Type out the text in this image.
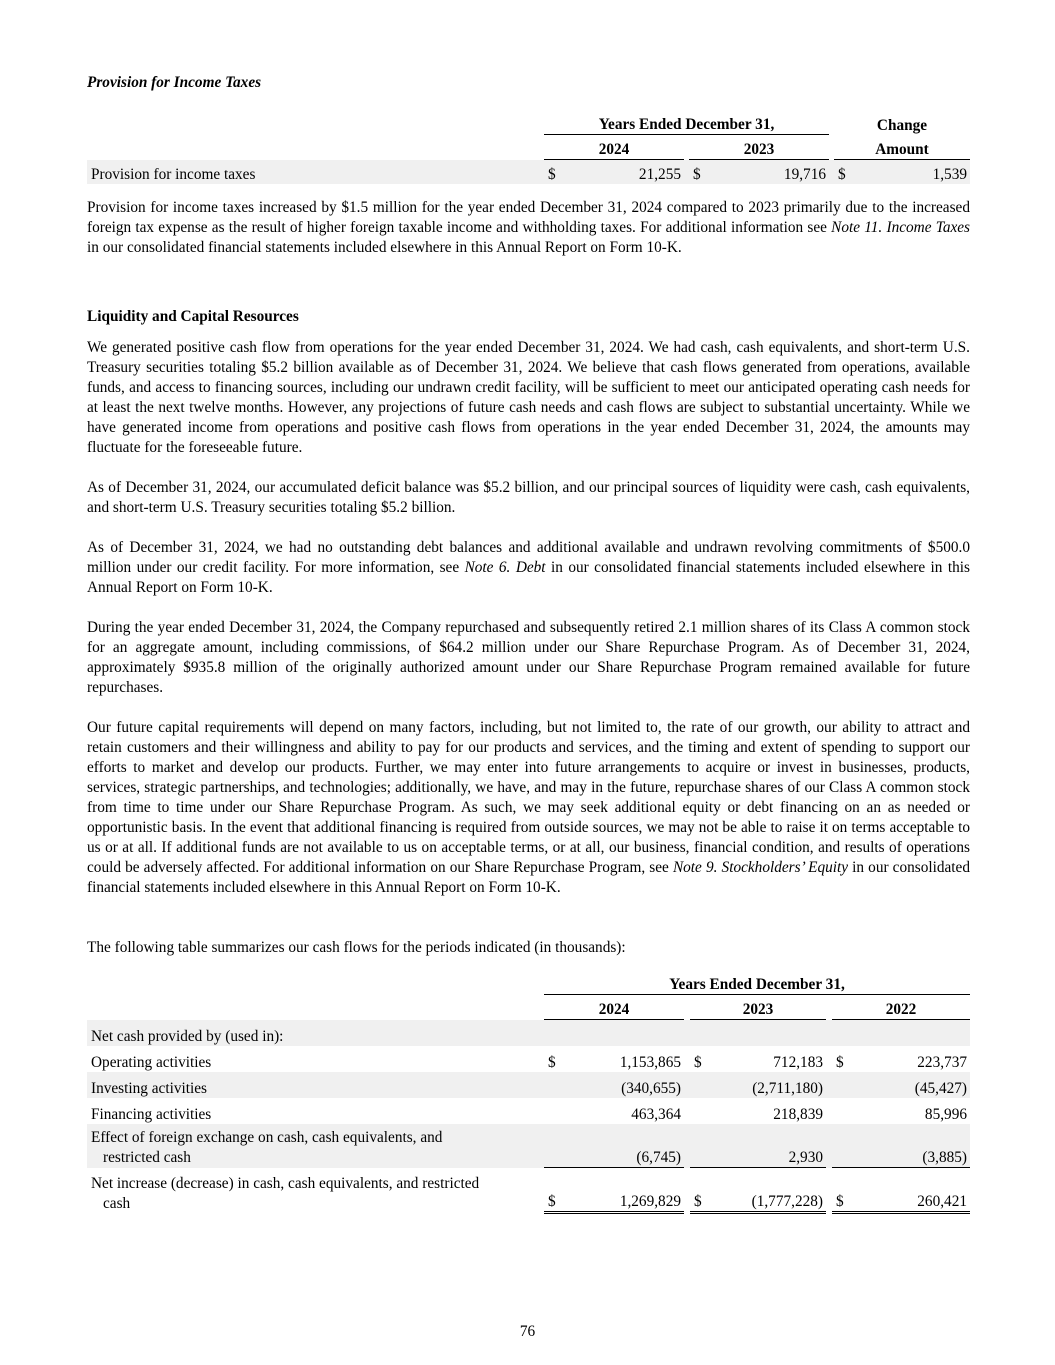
Provision for Income Taxes
	Years Ended December 31,						Change	
	2024			2023			Amount	
Provision for income taxes	$	21,255		$	19,716		$	1,539

Provision for income taxes increased by $1.5 million for the year ended December 31, 2024 compared to 2023 primarily due to the increased foreign tax expense as the result of higher foreign taxable income and withholding taxes. For additional information see Note 11. Income Taxes in our consolidated financial statements included elsewhere in this Annual Report on Form 10-K.

Liquidity and Capital Resources

We generated positive cash flow from operations for the year ended December 31, 2024. We had cash, cash equivalents, and short-term U.S. Treasury securities totaling $5.2 billion available as of December 31, 2024. We believe that cash flows generated from operations, available funds, and access to financing sources, including our undrawn credit facility, will be sufficient to meet our anticipated operating cash needs for at least the next twelve months. However, any projections of future cash needs and cash flows are subject to substantial uncertainty. While we have generated income from operations and positive cash flows from operations in the year ended December 31, 2024, the amounts may fluctuate for the foreseeable future.

As of December 31, 2024, our accumulated deficit balance was $5.2 billion, and our principal sources of liquidity were cash, cash equivalents, and short-term U.S. Treasury securities totaling $5.2 billion.

As of December 31, 2024, we had no outstanding debt balances and additional available and undrawn revolving commitments of $500.0 million under our credit facility. For more information, see Note 6. Debt in our consolidated financial statements included elsewhere in this Annual Report on Form 10-K.

During the year ended December 31, 2024, the Company repurchased and subsequently retired 2.1 million shares of its Class A common stock for an aggregate amount, including commissions, of $64.2 million under our Share Repurchase Program. As of December 31, 2024, approximately $935.8 million of the originally authorized amount under our Share Repurchase Program remained available for future repurchases.

Our future capital requirements will depend on many factors, including, but not limited to, the rate of our growth, our ability to attract and retain customers and their willingness and ability to pay for our products and services, and the timing and extent of spending to support our efforts to market and develop our products. Further, we may enter into future arrangements to acquire or invest in businesses, products, services, strategic partnerships, and technologies; additionally, we have, and may in the future, repurchase shares of our Class A common stock from time to time under our Share Repurchase Program. As such, we may seek additional equity or debt financing on an as needed or opportunistic basis. In the event that additional financing is required from outside sources, we may not be able to raise it on terms acceptable to us or at all. If additional funds are not available to us on acceptable terms, or at all, our business, financial condition, and results of operations could be adversely affected. For additional information on our Share Repurchase Program, see Note 9. Stockholders’ Equity in our consolidated financial statements included elsewhere in this Annual Report on Form 10-K.

The following table summarizes our cash flows for the periods indicated (in thousands):

	Years Ended December 31,							
	2024			2023			2022	
Net cash provided by (used in):								
Operating activities	$	1,153,865		$	712,183		$	223,737
Investing activities		(340,655)			(2,711,180)			(45,427)
Financing activities		463,364			218,839			85,996

Effect of foreign exchange on cash, cash equivalents, and
restricted cash		(6,745)			2,930			(3,885)

Net increase (decrease) in cash, cash equivalents, and restricted
cash	$	1,269,829		$	(1,777,228)		$	260,421
76
